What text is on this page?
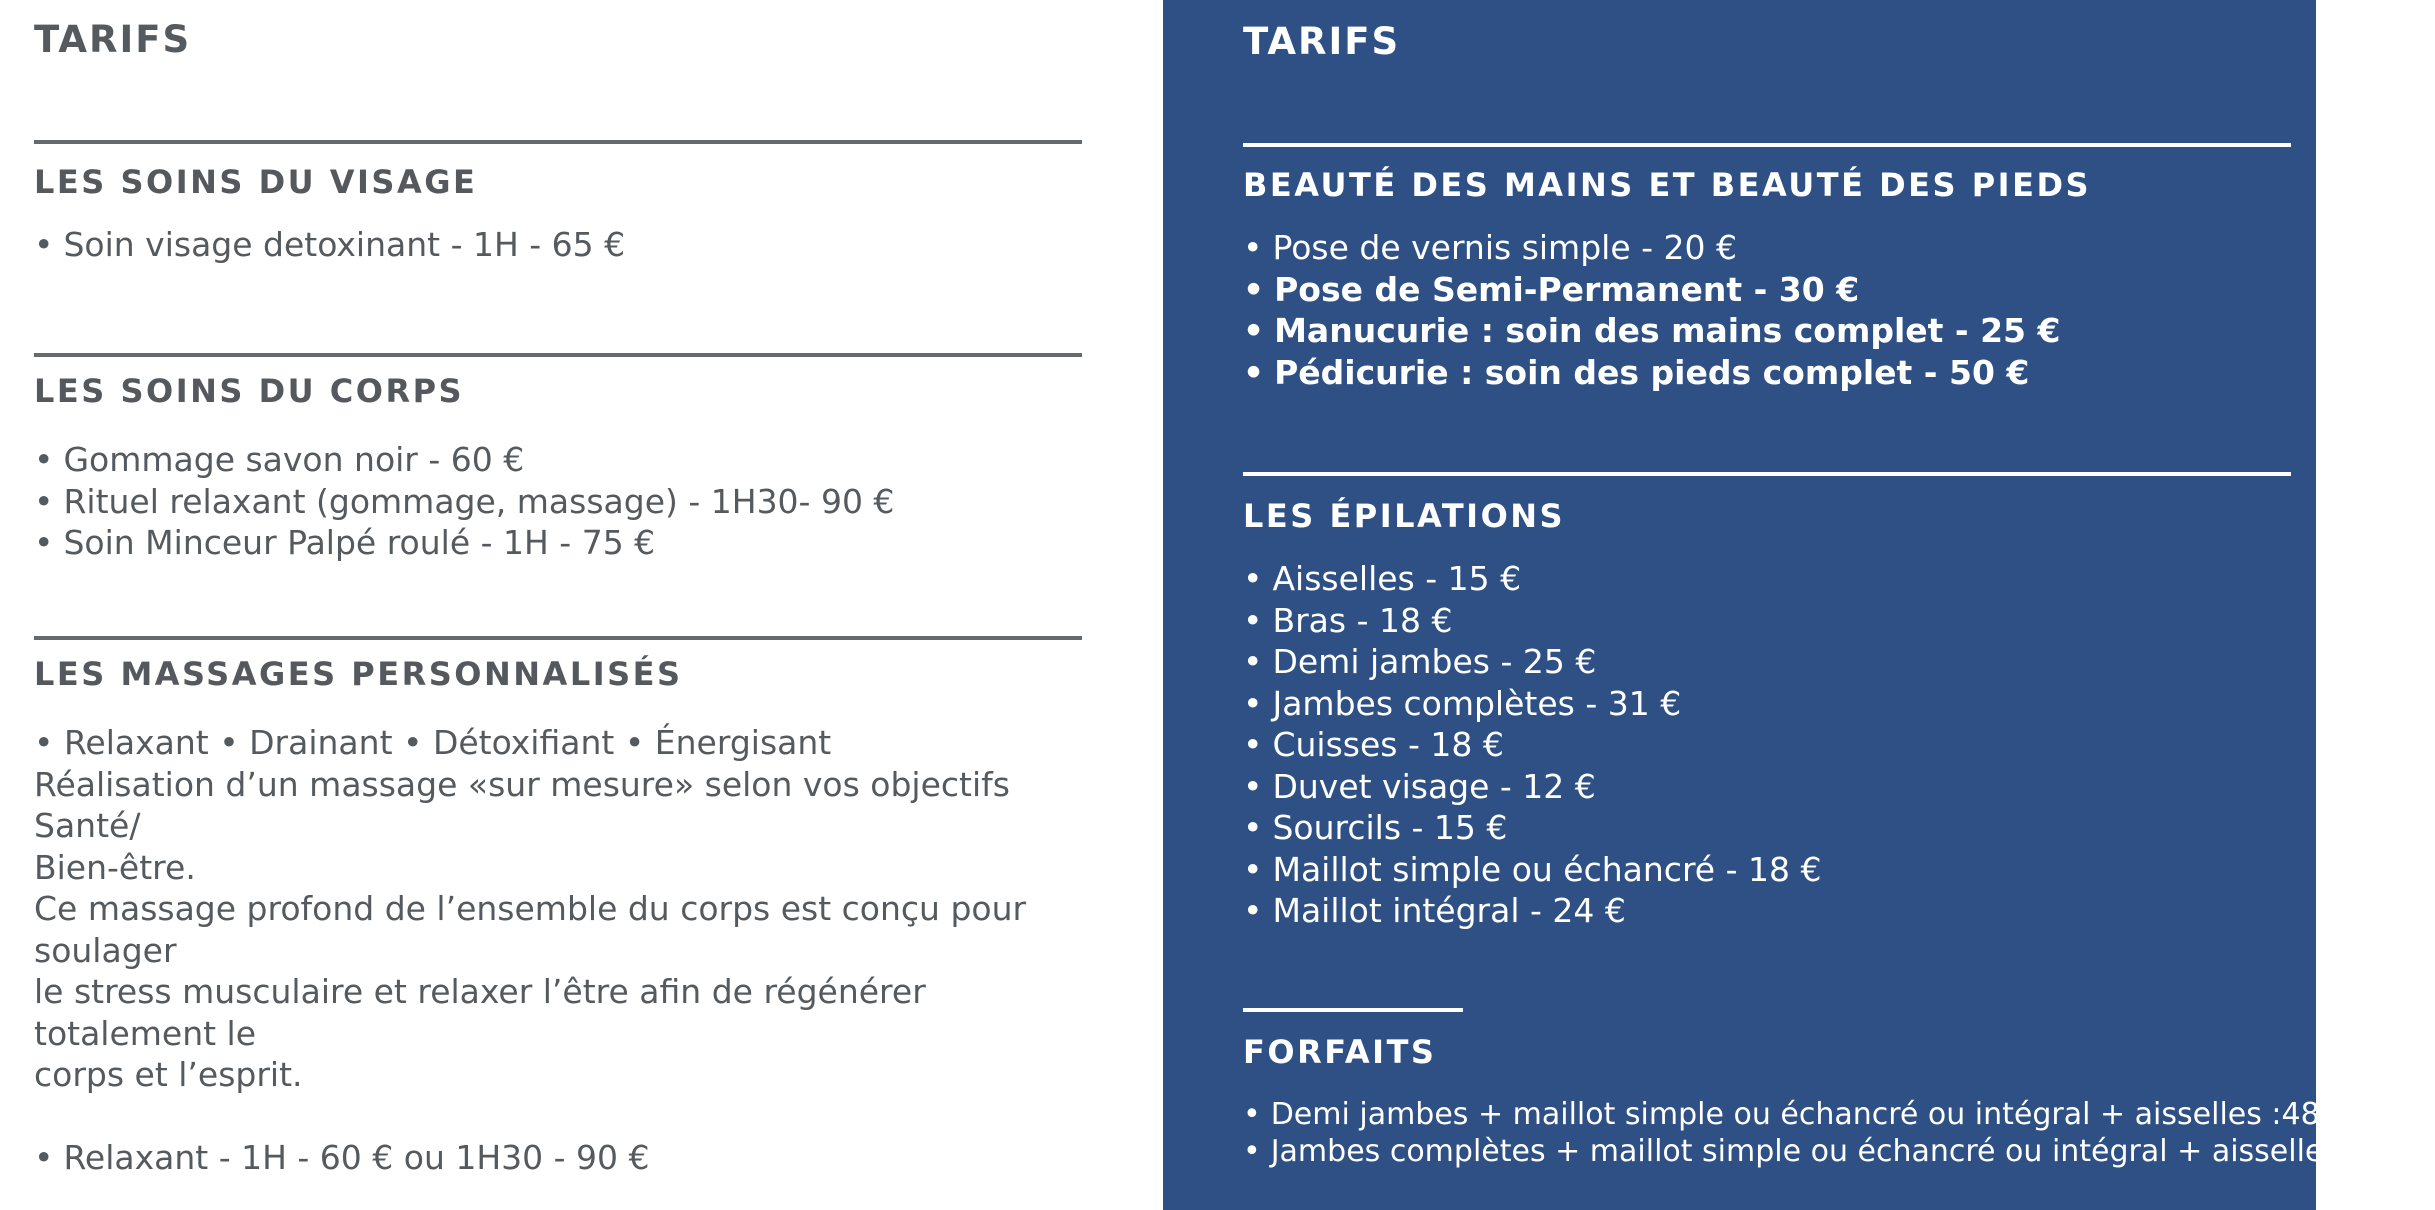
TARIFS
LES SOINS DU VISAGE
• Soin visage detoxinant - 1H - 65 €
LES SOINS DU CORPS
• Gommage savon noir - 60 €
• Rituel relaxant (gommage, massage) - 1H30- 90 €
• Soin Minceur Palpé roulé - 1H - 75 €
LES MASSAGES PERSONNALISÉS

• Relaxant • Drainant • Détoxifiant • Énergisant

Réalisation d’un massage «sur mesure» selon vos objectifs Santé/

Bien-être.

Ce massage profond de l’ensemble du corps est conçu pour soulager

le stress musculaire et relaxer l’être afin de régénérer totalement le

corps et l’esprit.

• Relaxant - 1H - 60 € ou 1H30 - 90 €

TARIFS
BEAUTÉ DES MAINS ET BEAUTÉ DES PIEDS
• Pose de vernis simple - 20 €
• Pose de Semi-Permanent - 30 €
• Manucurie : soin des mains complet - 25 €
• Pédicurie : soin des pieds complet - 50 €
LES ÉPILATIONS
• Aisselles - 15 €
• Bras - 18 €
• Demi jambes - 25 €
• Jambes complètes - 31 €
• Cuisses - 18 €
• Duvet visage - 12 €
• Sourcils - 15 €
• Maillot simple ou échancré - 18 €
• Maillot intégral - 24 €
FORFAITS
• Demi jambes + maillot simple ou échancré ou intégral + aisselles :48 €
• Jambes complètes + maillot simple ou échancré ou intégral + aisselles : 58 €
